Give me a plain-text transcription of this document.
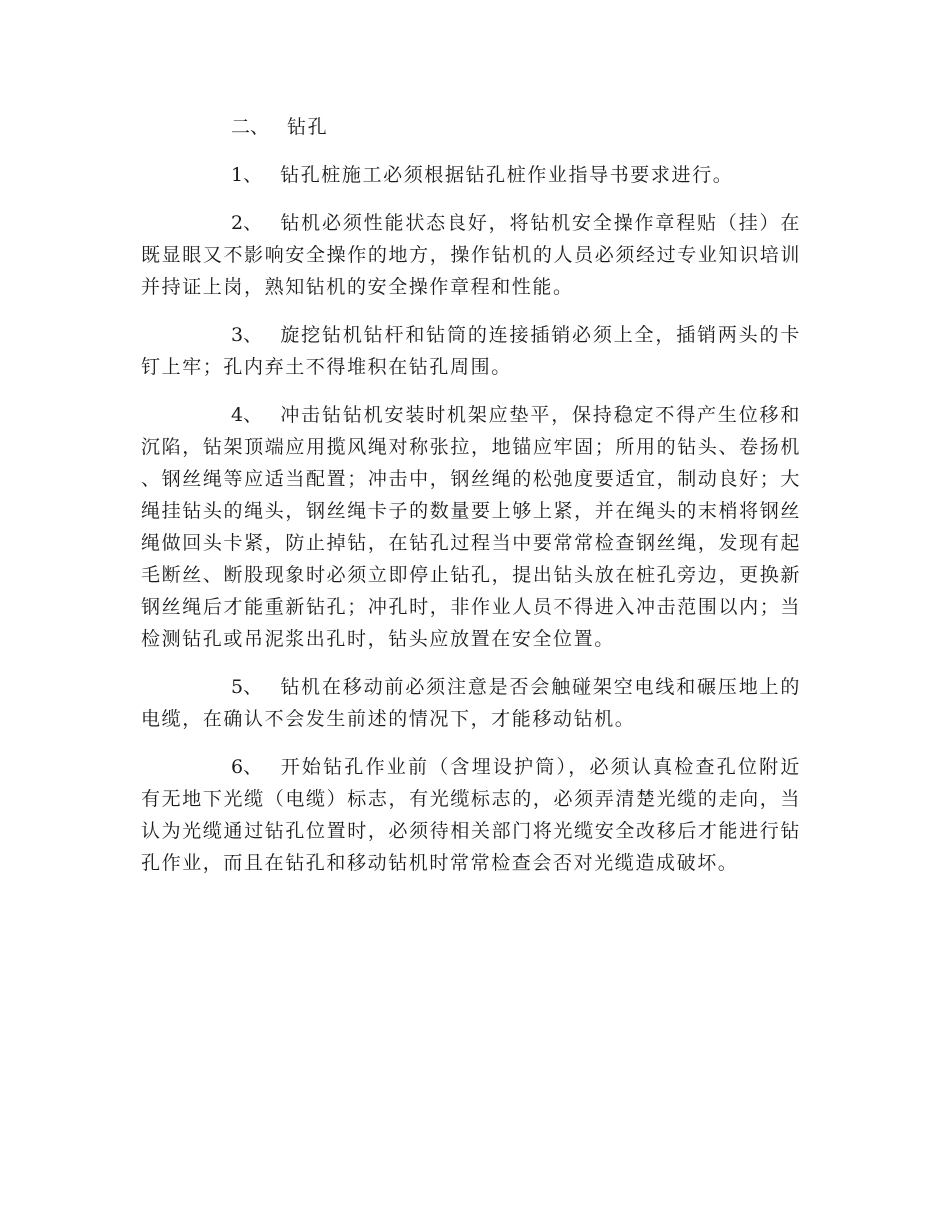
二、 钻孔

1、 钻孔桩施工必须根据钻孔桩作业指导书要求进行。

2、 钻机必须性能状态良好，将钻机安全操作章程贴（挂）在既显眼又不影响安全操作的地方，操作钻机的人员必须经过专业知识培训并持证上岗，熟知钻机的安全操作章程和性能。

3、 旋挖钻机钻杆和钻筒的连接插销必须上全，插销两头的卡钉上牢；孔内弃土不得堆积在钻孔周围。

4、 冲击钻钻机安装时机架应垫平，保持稳定不得产生位移和沉陷，钻架顶端应用揽风绳对称张拉，地锚应牢固；所用的钻头、卷扬机、钢丝绳等应适当配置；冲击中，钢丝绳的松弛度要适宜，制动良好；大绳挂钻头的绳头，钢丝绳卡子的数量要上够上紧，并在绳头的末梢将钢丝绳做回头卡紧，防止掉钻，在钻孔过程当中要常常检查钢丝绳，发现有起毛断丝、断股现象时必须立即停止钻孔，提出钻头放在桩孔旁边，更换新钢丝绳后才能重新钻孔；冲孔时，非作业人员不得进入冲击范围以内；当检测钻孔或吊泥浆出孔时，钻头应放置在安全位置。

5、 钻机在移动前必须注意是否会触碰架空电线和碾压地上的电缆，在确认不会发生前述的情况下，才能移动钻机。

6、 开始钻孔作业前（含埋设护筒），必须认真检查孔位附近有无地下光缆（电缆）标志，有光缆标志的，必须弄清楚光缆的走向，当认为光缆通过钻孔位置时，必须待相关部门将光缆安全改移后才能进行钻孔作业，而且在钻孔和移动钻机时常常检查会否对光缆造成破坏。
